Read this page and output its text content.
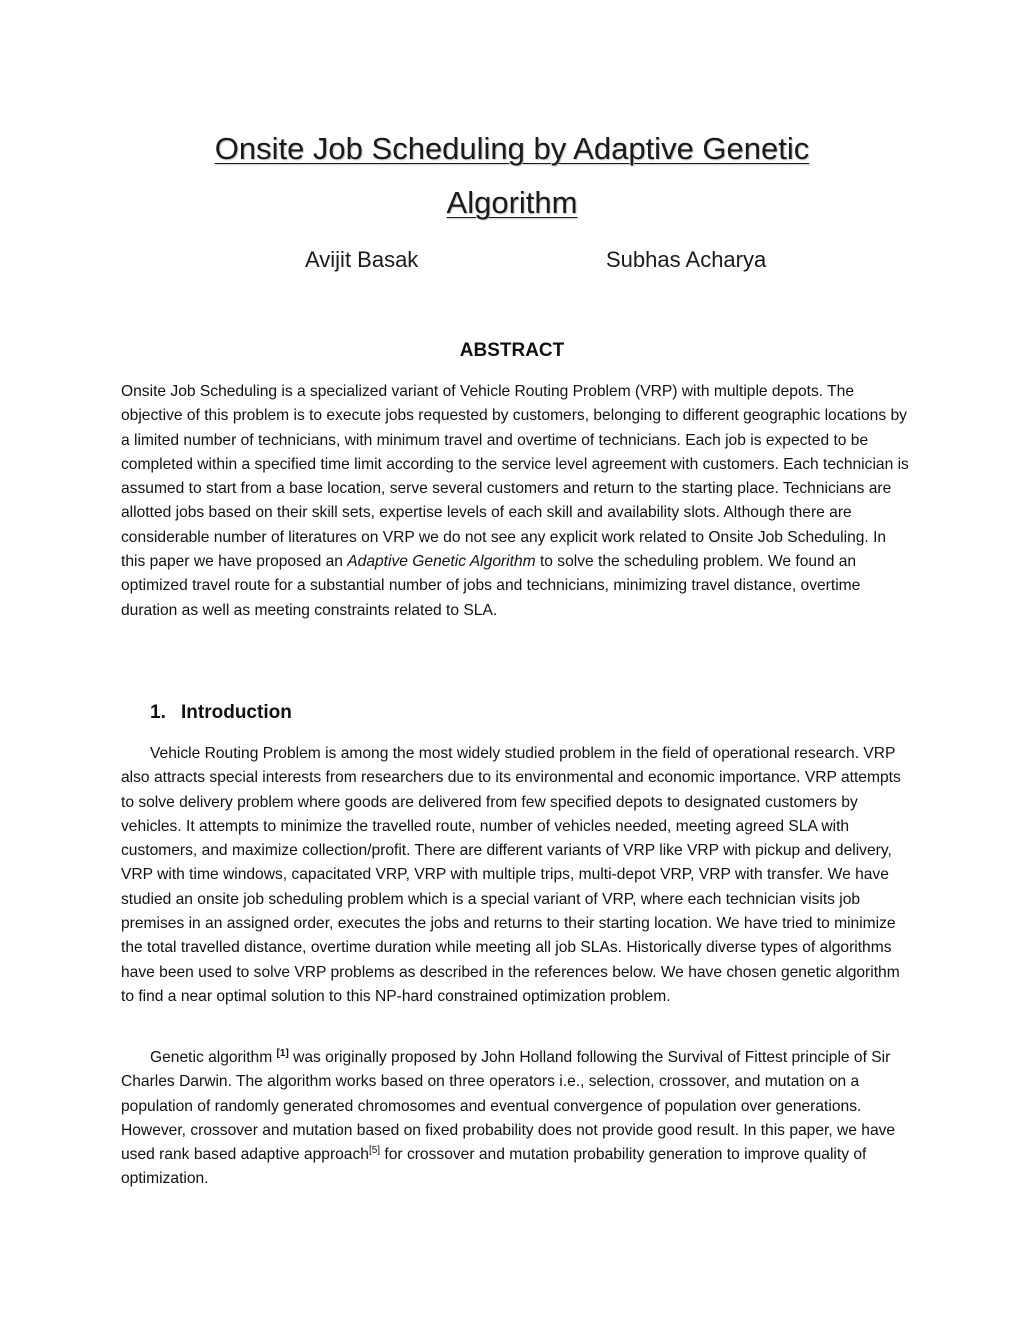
Onsite Job Scheduling by Adaptive Genetic
Algorithm
Avijit Basak	Subhas Acharya
ABSTRACT

Onsite Job Scheduling is a specialized variant of Vehicle Routing Problem (VRP) with multiple depots. The objective of this problem is to execute jobs requested by customers, belonging to different geographic locations by a limited number of technicians, with minimum travel and overtime of technicians. Each job is expected to be completed within a specified time limit according to the service level agreement with customers. Each technician is assumed to start from a base location, serve several customers and return to the starting place. Technicians are allotted jobs based on their skill sets, expertise levels of each skill and availability slots. Although there are considerable number of literatures on VRP we do not see any explicit work related to Onsite Job Scheduling. In this paper we have proposed an Adaptive Genetic Algorithm to solve the scheduling problem. We found an optimized travel route for a substantial number of jobs and technicians, minimizing travel distance, overtime duration as well as meeting constraints related to SLA.

1. Introduction

Vehicle Routing Problem is among the most widely studied problem in the field of operational research. VRP also attracts special interests from researchers due to its environmental and economic importance. VRP attempts to solve delivery problem where goods are delivered from few specified depots to designated customers by vehicles. It attempts to minimize the travelled route, number of vehicles needed, meeting agreed SLA with customers, and maximize collection/profit. There are different variants of VRP like VRP with pickup and delivery, VRP with time windows, capacitated VRP, VRP with multiple trips, multi-depot VRP, VRP with transfer. We have studied an onsite job scheduling problem which is a special variant of VRP, where each technician visits job premises in an assigned order, executes the jobs and returns to their starting location. We have tried to minimize the total travelled distance, overtime duration while meeting all job SLAs. Historically diverse types of algorithms have been used to solve VRP problems as described in the references below. We have chosen genetic algorithm to find a near optimal solution to this NP-hard constrained optimization problem.

Genetic algorithm [1] was originally proposed by John Holland following the Survival of Fittest principle of Sir Charles Darwin. The algorithm works based on three operators i.e., selection, crossover, and mutation on a population of randomly generated chromosomes and eventual convergence of population over generations. However, crossover and mutation based on fixed probability does not provide good result. In this paper, we have used rank based adaptive approach[5] for crossover and mutation probability generation to improve quality of optimization.
